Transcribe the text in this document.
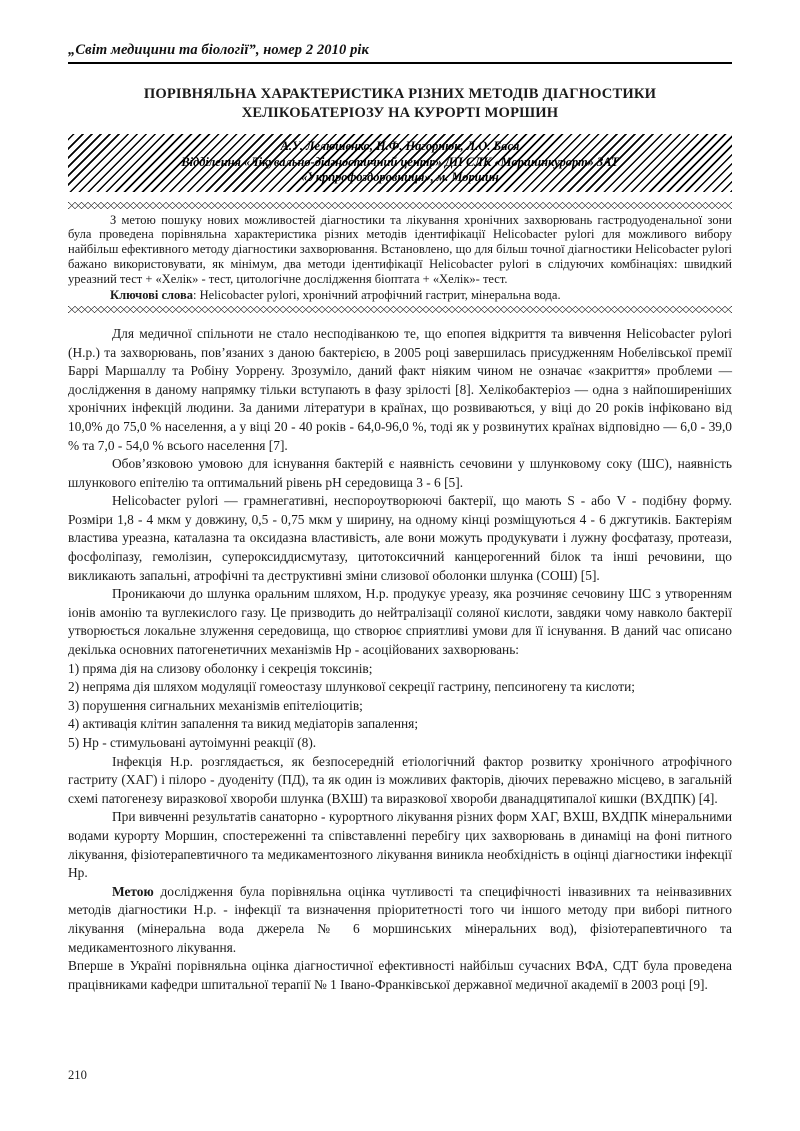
„Світ медицини та біології”, номер 2 2010 рік
ПОРІВНЯЛЬНА ХАРАКТЕРИСТИКА РІЗНИХ МЕТОДІВ ДІАГНОСТИКИ
ХЕЛІКОБАТЕРІОЗУ НА КУРОРТІ МОРШИН
А.У. Лелюшенко, Н.Ф. Нагорнюк, Л.О. Бася
Відділення «Лікувально-діагностичний центр» ДП СЛК «Моршинкурорт» ЗАТ
«Укрпрофоздоровниця», м. Моршин

З метою пошуку нових можливостей діагностики та лікування хронічних захворювань гастродуоденальної зони була проведена порівняльна характеристика різних методів ідентифікації Helicobacter pylori для можливого вибору найбільш ефективного методу діагностики захворювання. Встановлено, що для більш точної діагностики Helicobacter pylori бажано використовувати, як мінімум, два методи ідентифікації Helicobacter pylori в слідуючих комбінаціях: швидкий уреазний тест + «Хелік» - тест, цитологічне дослідження біоптата + «Хелік»- тест.

Ключові слова: Helicobacter pylori, хронічний атрофічний гастрит, мінеральна вода.

Для медичної спільноти не стало несподіванкою те, що епопея відкриття та вивчення Helicobacter pylori (H.p.) та захворювань, пов’язаних з даною бактерією, в 2005 році завершилась присудженням Нобелівської премії Баррі Маршаллу та Робіну Уоррену. Зрозуміло, даний факт ніяким чином не означає «закриття» проблеми — дослідження в даному напрямку тільки вступають в фазу зрілості [8]. Хелікобактеріоз — одна з найпоширеніших хронічних інфекцій людини. За даними літератури в країнах, що розвиваються, у віці до 20 років інфіковано від 10,0% до 75,0 % населення, а у віці 20 - 40 років - 64,0-96,0 %, тоді як у розвинутих країнах відповідно — 6,0 - 39,0 % та 7,0 - 54,0 % всього населення [7].

Обов’язковою умовою для існування бактерій є наявність сечовини у шлунковому соку (ШС), наявність шлункового епітелію та оптимальний рівень pH середовища 3 - 6 [5].

Helicobacter pylori — грамнегативні, неспороутворюючі бактерії, що мають S - або V - подібну форму. Розміри 1,8 - 4 мкм у довжину, 0,5 - 0,75 мкм у ширину, на одному кінці розміщуються 4 - 6 джгутиків. Бактеріям властива уреазна, каталазна та оксидазна властивість, але вони можуть продукувати і лужну фосфатазу, протеази, фосфоліпазу, гемолізин, супероксиддисмутазу, цитотоксичний канцерогенний білок та інші речовини, що викликають запальні, атрофічні та деструктивні зміни слизової оболонки шлунка (СОШ) [5].

Проникаючи до шлунка оральним шляхом, H.p. продукує уреазу, яка розчиняє сечовину ШС з утворенням іонів амонію та вуглекислого газу. Це призводить до нейтралізації соляної кислоти, завдяки чому навколо бактерії утворюється локальне злуження середовища, що створює сприятливі умови для її існування. В даний час описано декілька основних патогенетичних механізмів Hp - асоційованих захворювань:

1) пряма дія на слизову оболонку і секреція токсинів;

2) непряма дія шляхом модуляції гомеостазу шлункової секреції гастрину, пепсиногену та кислоти;

3) порушення сигнальних механізмів епітеліоцитів;

4) активація клітин запалення та викид медіаторів запалення;

5) Hp - стимульовані аутоімунні реакції (8).

Інфекція H.p. розглядається, як безпосередній етіологічний фактор розвитку хронічного атрофічного гастриту (ХАГ) і пілоро - дуоденіту (ПД), та як один із можливих факторів, діючих переважно місцево, в загальній схемі патогенезу виразкової хвороби шлунка (ВХШ) та виразкової хвороби дванадцятипалої кишки (ВХДПК) [4].

При вивченні результатів санаторно - курортного лікування різних форм ХАГ, ВХШ, ВХДПК мінеральними водами курорту Моршин, спостереженні та співставленні перебігу цих захворювань в динаміці на фоні питного лікування, фізіотерапевтичного та медикаментозного лікування виникла необхідність в оцінці діагностики інфекції Hp.

Метою дослідження була порівняльна оцінка чутливості та специфічності інвазивних та неінвазивних методів діагностики H.p. - інфекції та визначення пріоритетності того чи іншого методу при виборі питного лікування (мінеральна вода джерела № 6 моршинських мінеральних вод), фізіотерапевтичного та медикаментозного лікування.

Вперше в Україні порівняльна оцінка діагностичної ефективності найбільш сучасних ВФА, СДТ була проведена працівниками кафедри шпитальної терапії № 1 Івано-Франківської державної медичної академії в 2003 році [9].

210
